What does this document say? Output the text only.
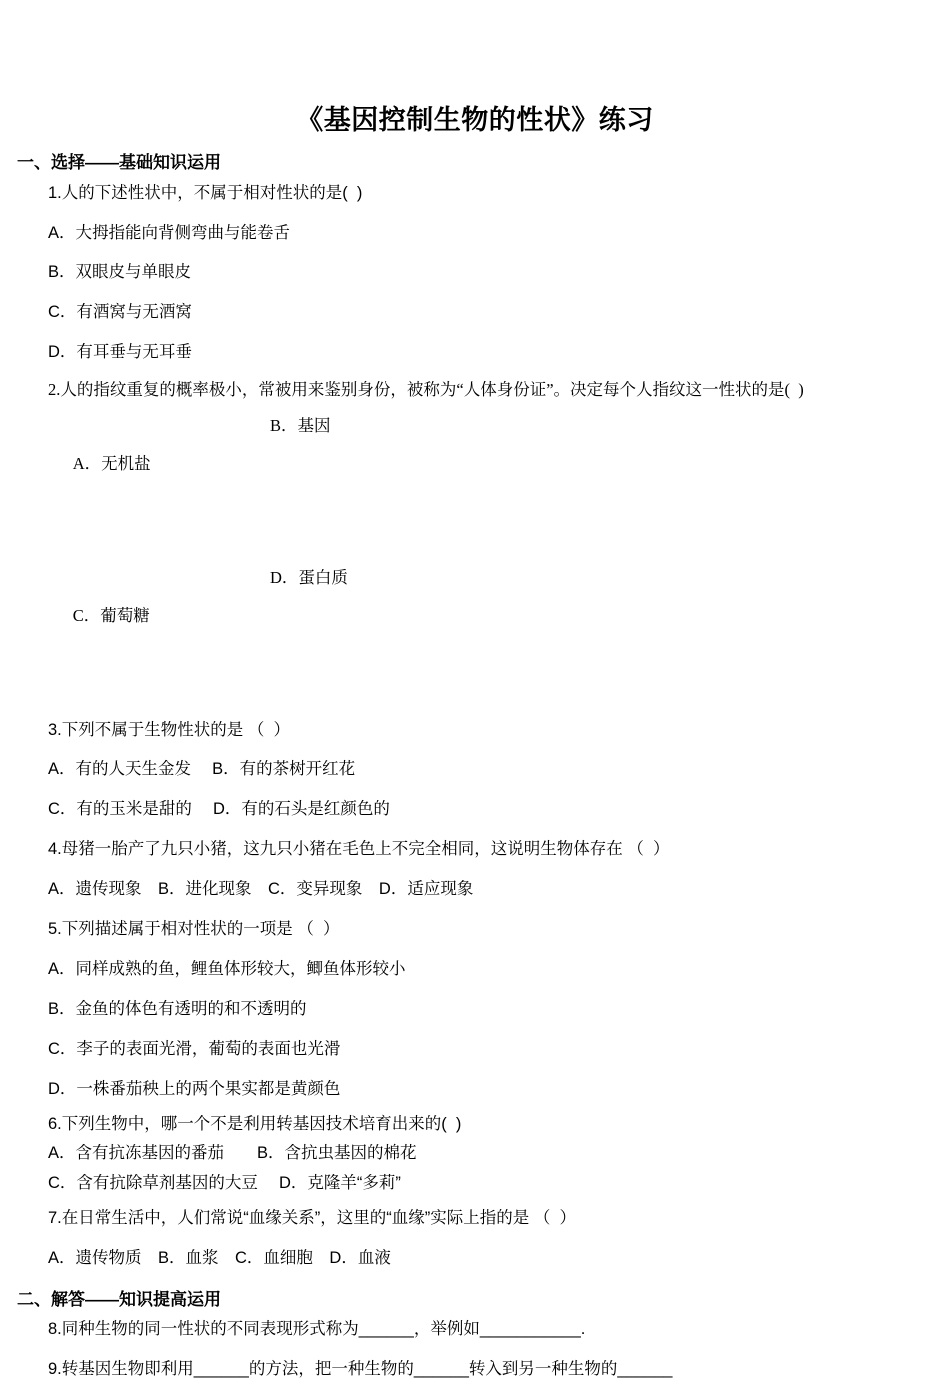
《基因控制生物的性状》练习
一、选择——基础知识运用
1.人的下述性状中，不属于相对性状的是(  )
A．大拇指能向背侧弯曲与能卷舌
B．双眼皮与单眼皮
C．有酒窝与无酒窝
D．有耳垂与无耳垂
2.人的指纹重复的概率极小，常被用来鉴别身份，被称为“人体身份证”。决定每个人指纹这一性状的是(  )

A．无机盐

B．基因

C．葡萄糖

D．蛋白质

3.下列不属于生物性状的是 （  ）
A．有的人天生金发　 B．有的茶树开红花
C．有的玉米是甜的　 D．有的石头是红颜色的
4.母猪一胎产了九只小猪，这九只小猪在毛色上不完全相同，这说明生物体存在 （  ）
A．遗传现象　B．进化现象　C．变异现象　D．适应现象
5.下列描述属于相对性状的一项是 （  ）
A．同样成熟的鱼，鲤鱼体形较大，鲫鱼体形较小
B．金鱼的体色有透明的和不透明的
C．李子的表面光滑，葡萄的表面也光滑
D．一株番茄秧上的两个果实都是黄颜色
6.下列生物中，哪一个不是利用转基因技术培育出来的(  )
A．含有抗冻基因的番茄　　B．含抗虫基因的棉花
C．含有抗除草剂基因的大豆　 D．克隆羊“多莉”
7.在日常生活中，人们常说“血缘关系”，这里的“血缘”实际上指的是 （  ）
A．遗传物质　B．血浆　C．血细胞　D．血液
二、解答——知识提高运用
8.同种生物的同一性状的不同表现形式称为______，举例如___________.
9.转基因生物即利用______的方法，把一种生物的______转入到另一种生物的______
